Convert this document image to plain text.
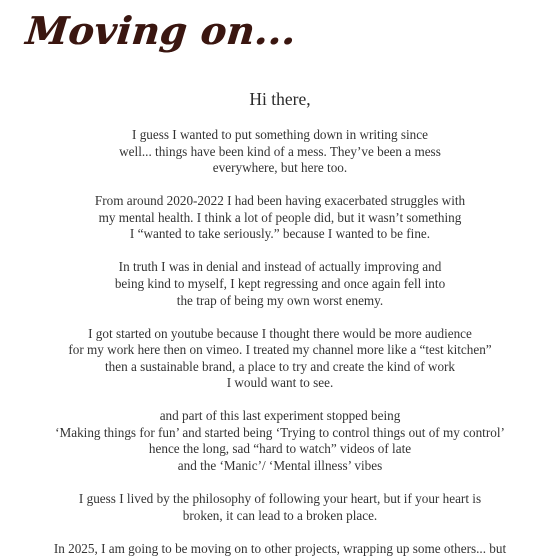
Moving on...

Hi there,

I guess I wanted to put something down in writing since
well... things have been kind of a mess. They’ve been a mess
everywhere, but here too.

From around 2020-2022 I had been having exacerbated struggles with
my mental health. I think a lot of people did, but it wasn’t something
I “wanted to take seriously.” because I wanted to be fine.

In truth I was in denial and instead of actually improving and
being kind to myself, I kept regressing and once again fell into
the trap of being my own worst enemy.

I got started on youtube because I thought there would be more audience
for my work here then on vimeo. I treated my channel more like a “test kitchen”
then a sustainable brand, a place to try and create the kind of work
I would want to see.

and part of this last experiment stopped being
‘Making things for fun’ and started being ‘Trying to control things out of my control’
hence the long, sad “hard to watch” videos of late
and the ‘Manic’/ ‘Mental illness’ vibes

I guess I lived by the philosophy of following your heart, but if your heart is
broken, it can lead to a broken place.

In 2025, I am going to be moving on to other projects, wrapping up some others... but
